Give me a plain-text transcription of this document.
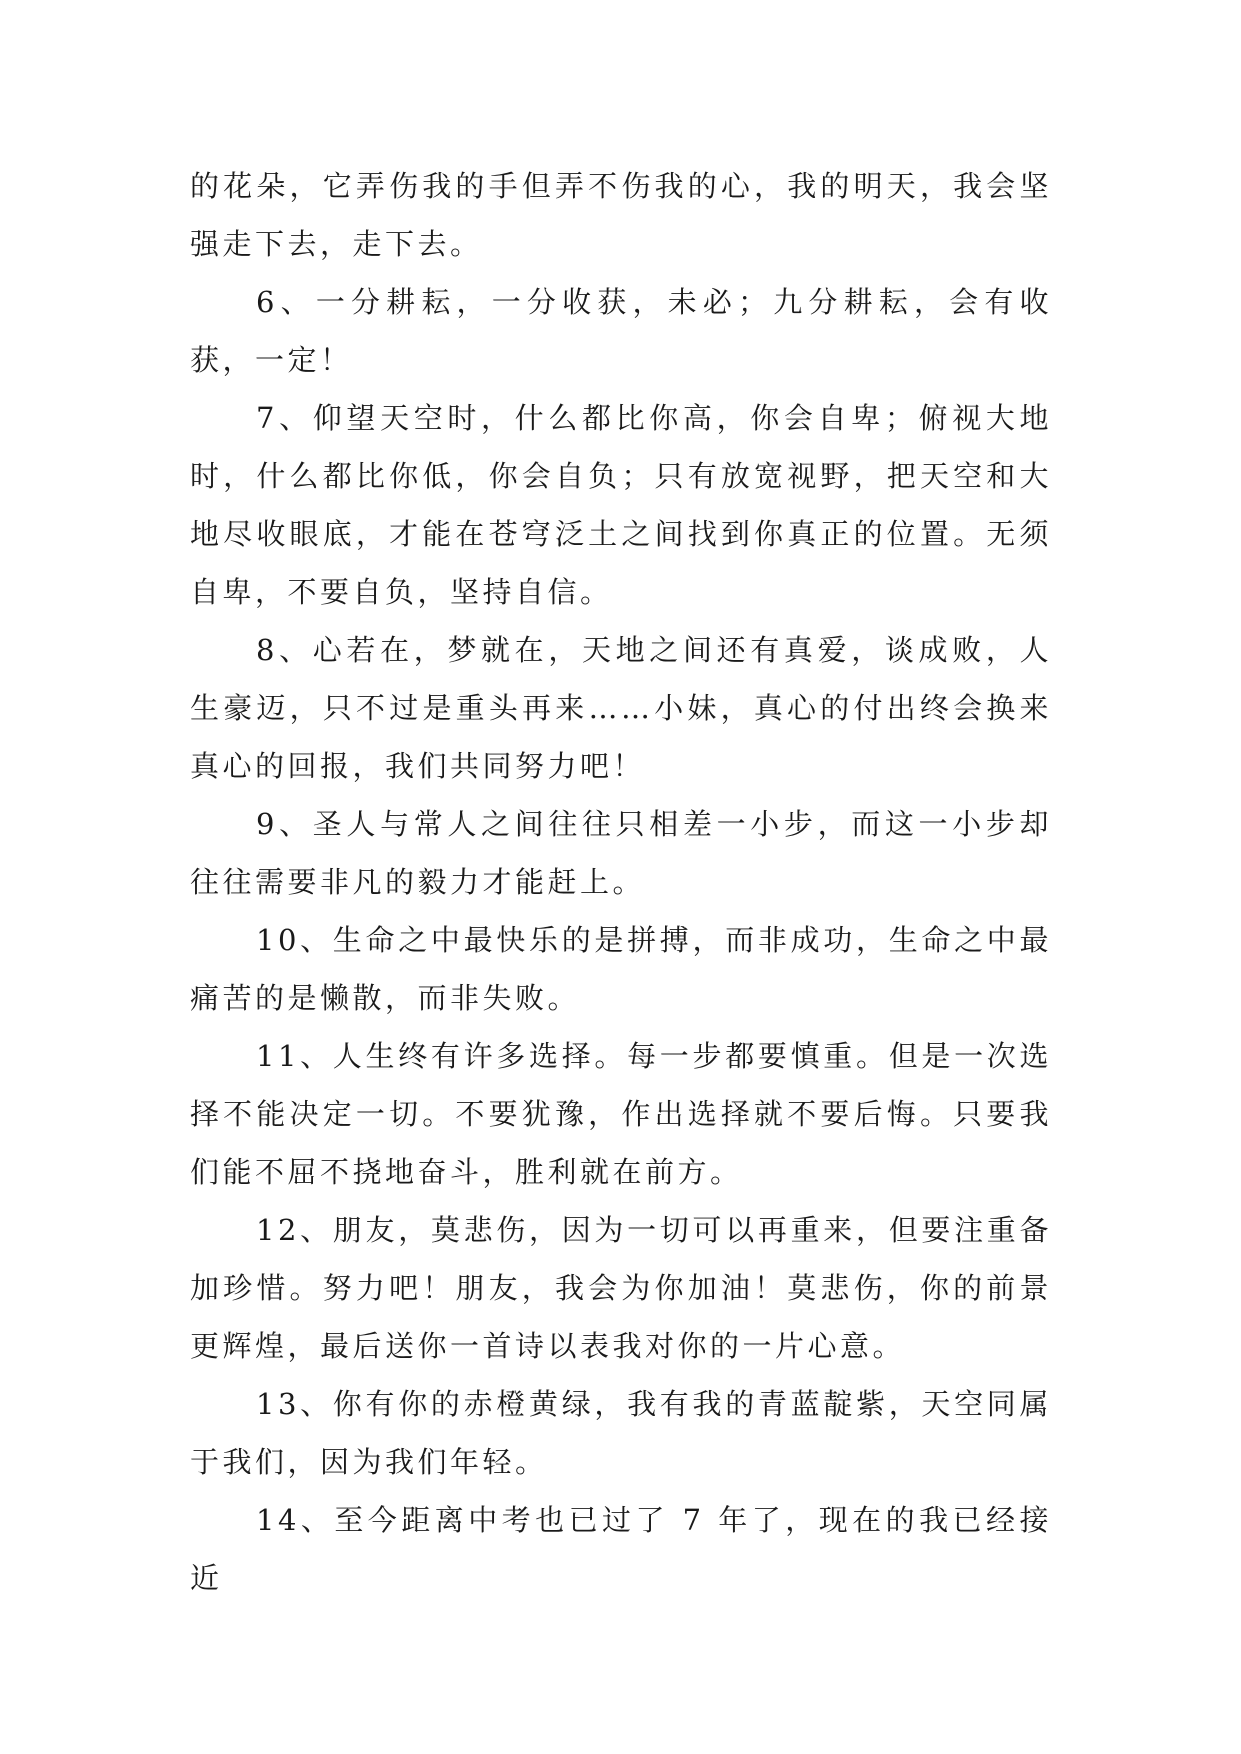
的花朵，它弄伤我的手但弄不伤我的心，我的明天，我会坚强走下去，走下去。

6、一分耕耘，一分收获，未必；九分耕耘，会有收获，一定！

7、仰望天空时，什么都比你高，你会自卑；俯视大地时，什么都比你低，你会自负；只有放宽视野，把天空和大地尽收眼底，才能在苍穹泛土之间找到你真正的位置。无须自卑，不要自负，坚持自信。

8、心若在，梦就在，天地之间还有真爱，谈成败，人生豪迈，只不过是重头再来……小妹，真心的付出终会换来真心的回报，我们共同努力吧！

9、圣人与常人之间往往只相差一小步，而这一小步却往往需要非凡的毅力才能赶上。

10、生命之中最快乐的是拼搏，而非成功，生命之中最痛苦的是懒散，而非失败。

11、人生终有许多选择。每一步都要慎重。但是一次选择不能决定一切。不要犹豫，作出选择就不要后悔。只要我们能不屈不挠地奋斗，胜利就在前方。

12、朋友，莫悲伤，因为一切可以再重来，但要注重备加珍惜。努力吧！朋友，我会为你加油！莫悲伤，你的前景更辉煌，最后送你一首诗以表我对你的一片心意。

13、你有你的赤橙黄绿，我有我的青蓝靛紫，天空同属于我们，因为我们年轻。

14、至今距离中考也已过了 7 年了，现在的我已经接近
